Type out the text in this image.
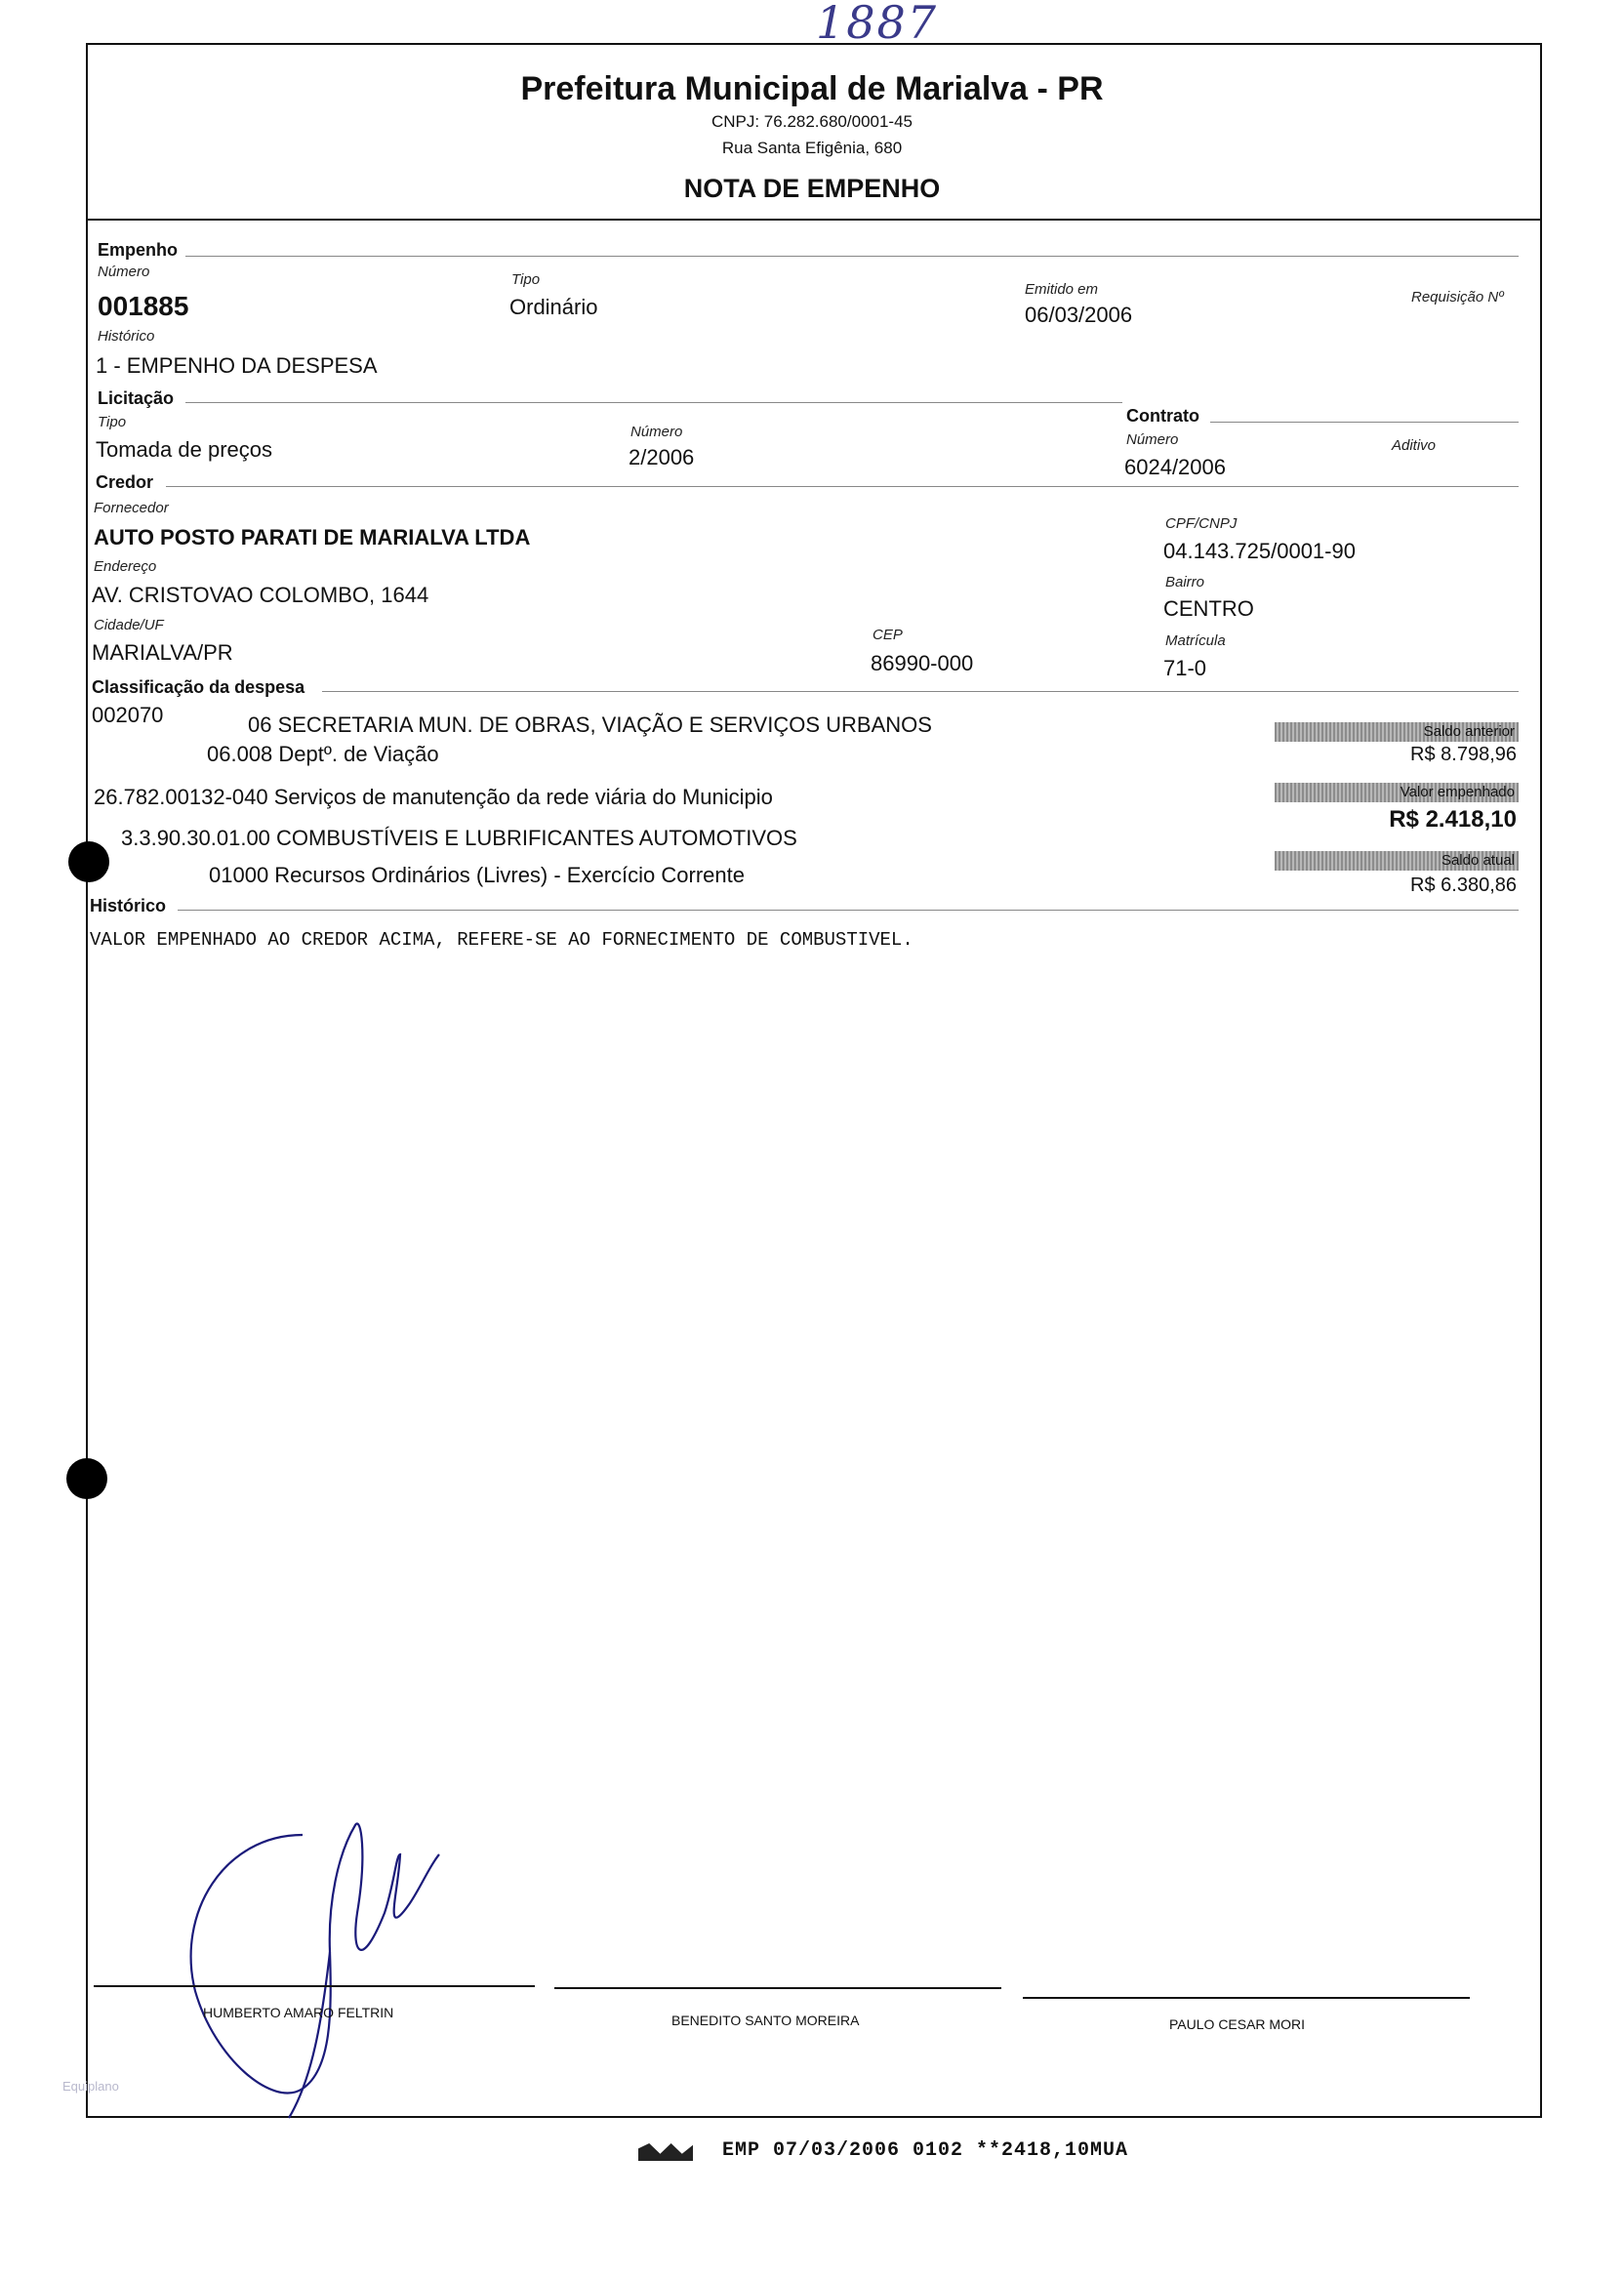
1887
Prefeitura Municipal de Marialva - PR
CNPJ: 76.282.680/0001-45
Rua Santa Efigênia, 680
NOTA DE EMPENHO
Empenho
Número
001885
Tipo
Ordinário
Emitido em
06/03/2006
Requisição Nº
Histórico
1 - EMPENHO DA DESPESA
Licitação
Tipo
Tomada de preços
Número
2/2006
Contrato
Número
6024/2006
Aditivo
Credor
Fornecedor
AUTO POSTO PARATI DE MARIALVA LTDA
CPF/CNPJ
04.143.725/0001-90
Endereço
AV. CRISTOVAO COLOMBO, 1644
Bairro
CENTRO
Cidade/UF
MARIALVA/PR
CEP
86990-000
Matrícula
71-0
Classificação da despesa
002070	06 SECRETARIA MUN. DE OBRAS, VIAÇÃO E SERVIÇOS URBANOS
06.008 Deptº. de Viação
26.782.00132-040 Serviços de manutenção da rede viária do Municipio
3.3.90.30.01.00 COMBUSTÍVEIS E LUBRIFICANTES AUTOMOTIVOS
01000 Recursos Ordinários (Livres) - Exercício Corrente
Saldo anterior
R$ 8.798,96
Valor empenhado
R$ 2.418,10
Saldo atual
R$ 6.380,86
Histórico
VALOR EMPENHADO AO CREDOR ACIMA, REFERE-SE AO FORNECIMENTO DE COMBUSTIVEL.
HUMBERTO AMARO FELTRIN	BENEDITO SANTO MOREIRA	PAULO CESAR MORI
Equiplano
EMP 07/03/2006 0102 **2418,10MUA
